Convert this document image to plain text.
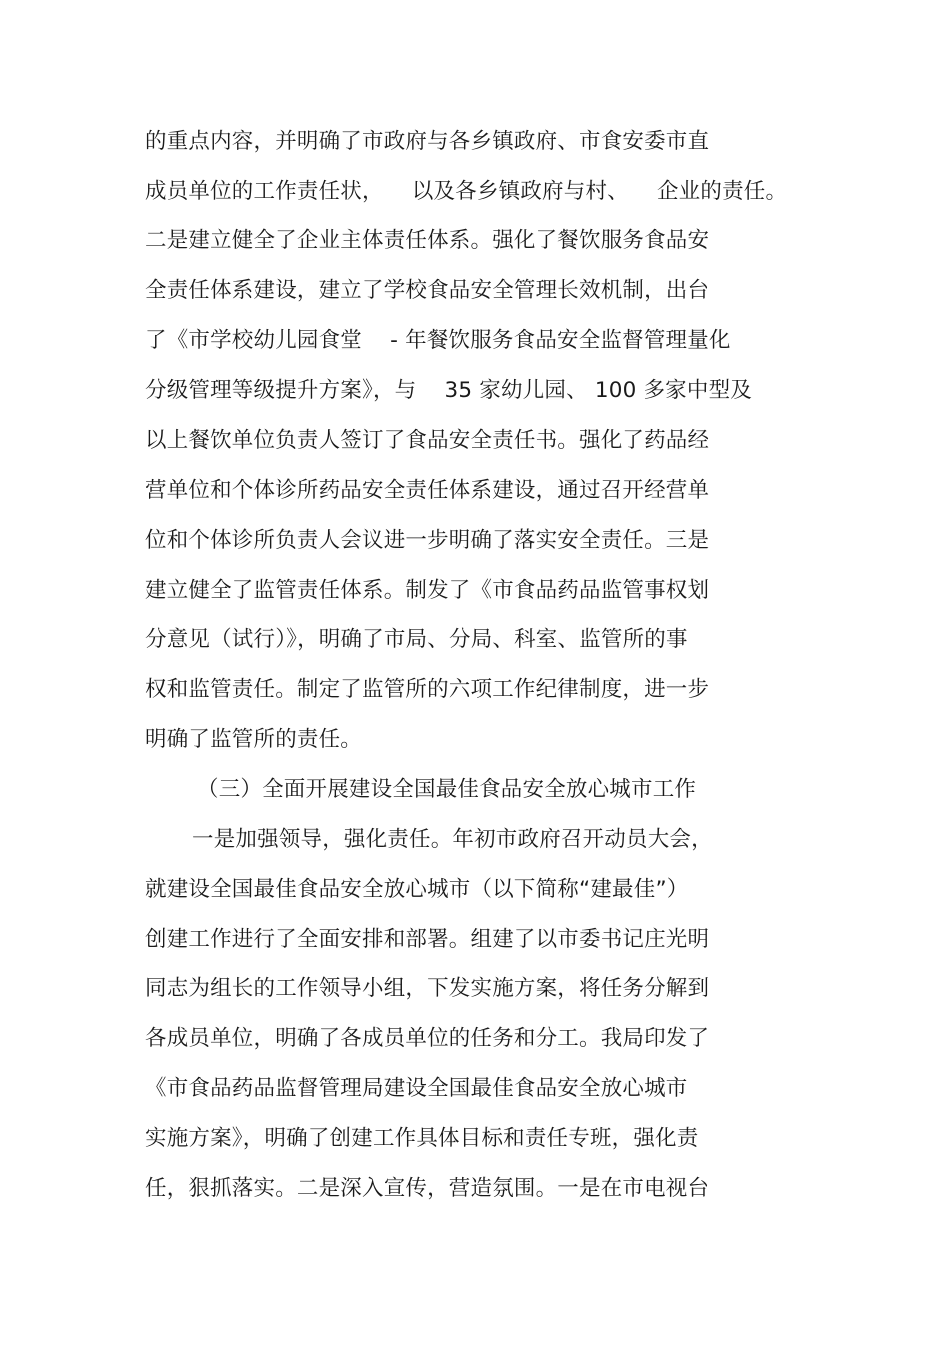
的重点内容，并明确了市政府与各乡镇政府、市食安委市直
成员单位的工作责任状，    以及各乡镇政府与村、    企业的责任。
二是建立健全了企业主体责任体系。强化了餐饮服务食品安
全责任体系建设，建立了学校食品安全管理长效机制，出台
了《市学校幼儿园食堂    - 年餐饮服务食品安全监督管理量化
分级管理等级提升方案》，与    35 家幼儿园、 100 多家中型及
以上餐饮单位负责人签订了食品安全责任书。强化了药品经
营单位和个体诊所药品安全责任体系建设，通过召开经营单
位和个体诊所负责人会议进一步明确了落实安全责任。三是
建立健全了监管责任体系。制发了《市食品药品监管事权划
分意见（试行）》，明确了市局、分局、科室、监管所的事
权和监管责任。制定了监管所的六项工作纪律制度，进一步
明确了监管所的责任。
（三）全面开展建设全国最佳食品安全放心城市工作
一是加强领导，强化责任。年初市政府召开动员大会，
就建设全国最佳食品安全放心城市（以下简称“建最佳”）
创建工作进行了全面安排和部署。组建了以市委书记庄光明
同志为组长的工作领导小组，下发实施方案，将任务分解到
各成员单位，明确了各成员单位的任务和分工。我局印发了
《市食品药品监督管理局建设全国最佳食品安全放心城市
实施方案》，明确了创建工作具体目标和责任专班，强化责
任，狠抓落实。二是深入宣传，营造氛围。一是在市电视台
